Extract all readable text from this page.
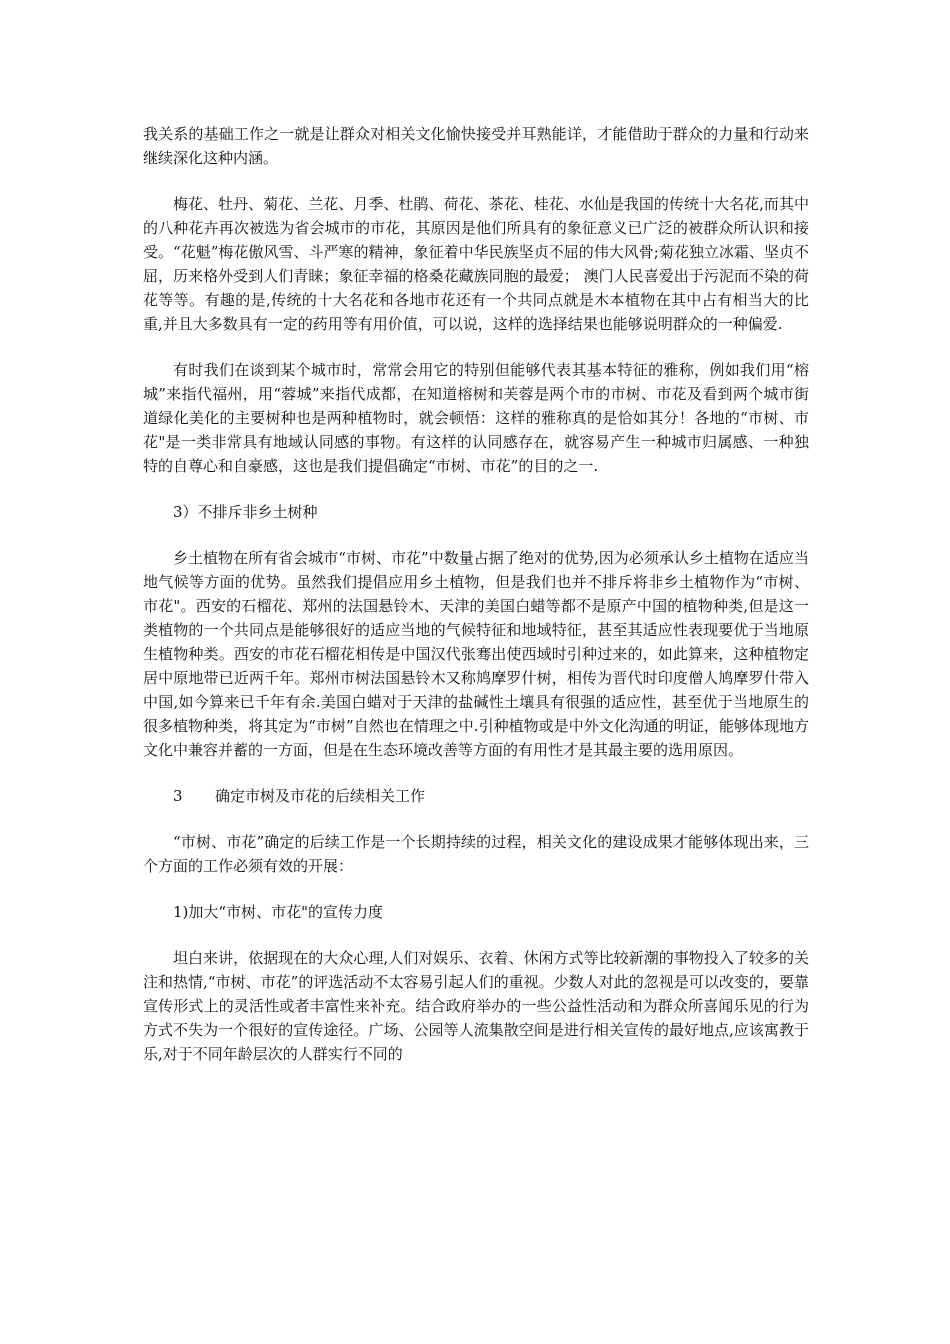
我关系的基础工作之一就是让群众对相关文化愉快接受并耳熟能详，才能借助于群众的力量和行动来继续深化这种内涵。

梅花、牡丹、菊花、兰花、月季、杜鹃、荷花、茶花、桂花、水仙是我国的传统十大名花,而其中的八种花卉再次被选为省会城市的市花，其原因是他们所具有的象征意义已广泛的被群众所认识和接受。“花魁”梅花傲风雪、斗严寒的精神，象征着中华民族坚贞不屈的伟大风骨;菊花独立冰霜、坚贞不屈，历来格外受到人们青睐；象征幸福的格桑花藏族同胞的最爱； 澳门人民喜爱出于污泥而不染的荷花等等。有趣的是,传统的十大名花和各地市花还有一个共同点就是木本植物在其中占有相当大的比重,并且大多数具有一定的药用等有用价值，可以说，这样的选择结果也能够说明群众的一种偏爱.

有时我们在谈到某个城市时，常常会用它的特别但能够代表其基本特征的雅称，例如我们用“榕城”来指代福州，用“蓉城”来指代成都，在知道榕树和芙蓉是两个市的市树、市花及看到两个城市街道绿化美化的主要树种也是两种植物时，就会顿悟：这样的雅称真的是恰如其分！各地的“市树、市花"是一类非常具有地域认同感的事物。有这样的认同感存在，就容易产生一种城市归属感、一种独特的自尊心和自豪感，这也是我们提倡确定“市树、市花”的目的之一.

3）不排斥非乡土树种

乡土植物在所有省会城市“市树、市花”中数量占据了绝对的优势,因为必须承认乡土植物在适应当地气候等方面的优势。虽然我们提倡应用乡土植物，但是我们也并不排斥将非乡土植物作为“市树、市花"。西安的石榴花、郑州的法国悬铃木、天津的美国白蜡等都不是原产中国的植物种类,但是这一类植物的一个共同点是能够很好的适应当地的气候特征和地域特征，甚至其适应性表现要优于当地原生植物种类。西安的市花石榴花相传是中国汉代张骞出使西域时引种过来的，如此算来，这种植物定居中原地带已近两千年。郑州市树法国悬铃木又称鸠摩罗什树，相传为晋代时印度僧人鸠摩罗什带入中国,如今算来已千年有余.美国白蜡对于天津的盐碱性土壤具有很强的适应性，甚至优于当地原生的很多植物种类，将其定为“市树”自然也在情理之中.引种植物或是中外文化沟通的明证，能够体现地方文化中兼容并蓄的一方面，但是在生态环境改善等方面的有用性才是其最主要的选用原因。

3 确定市树及市花的后续相关工作

“市树、市花”确定的后续工作是一个长期持续的过程，相关文化的建设成果才能够体现出来，三个方面的工作必须有效的开展：

1)加大“市树、市花"的宣传力度

坦白来讲，依据现在的大众心理,人们对娱乐、衣着、休闲方式等比较新潮的事物投入了较多的关注和热情,“市树、市花”的评选活动不太容易引起人们的重视。少数人对此的忽视是可以改变的，要靠宣传形式上的灵活性或者丰富性来补充。结合政府举办的一些公益性活动和为群众所喜闻乐见的行为方式不失为一个很好的宣传途径。广场、公园等人流集散空间是进行相关宣传的最好地点,应该寓教于乐,对于不同年龄层次的人群实行不同的
